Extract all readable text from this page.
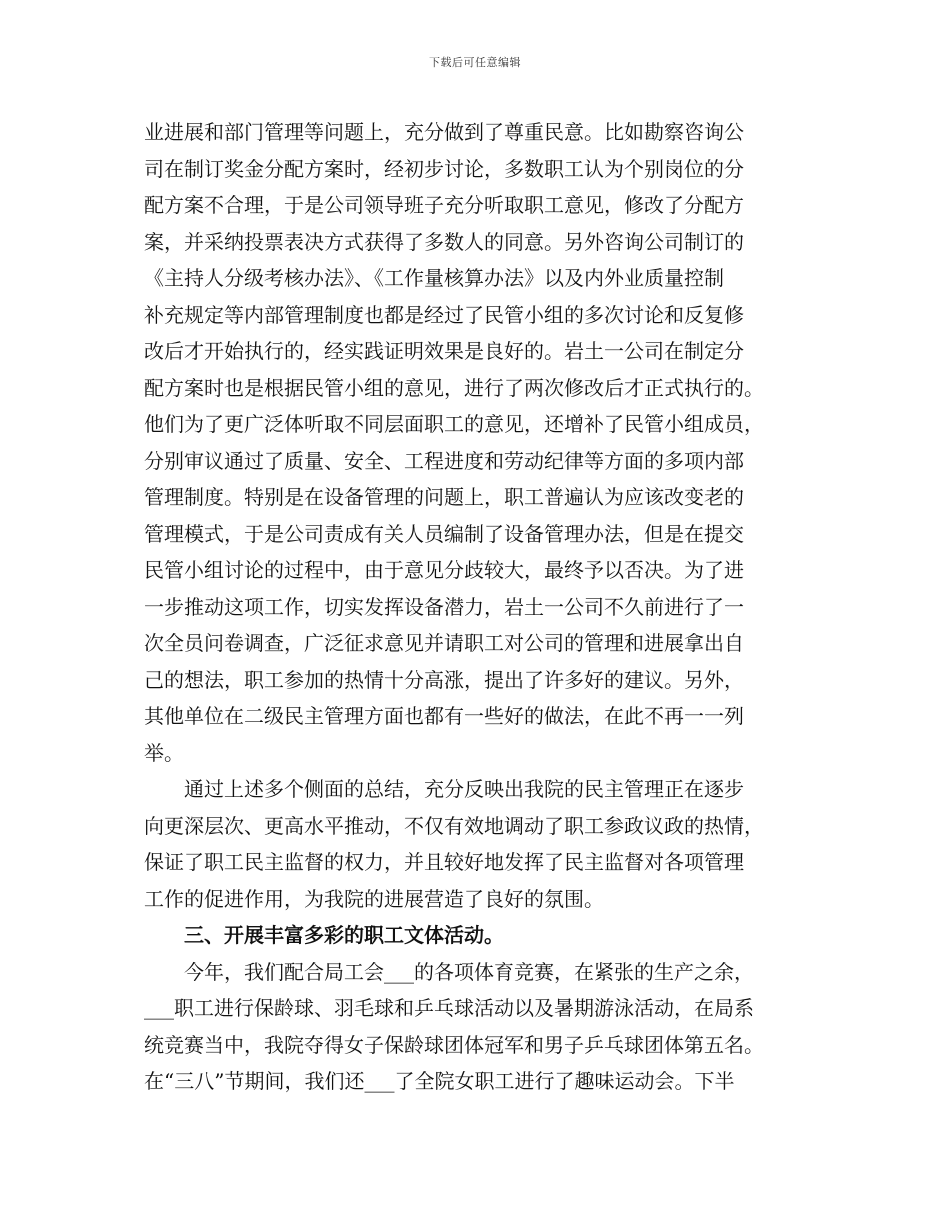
下载后可任意编辑
业进展和部门管理等问题上，充分做到了尊重民意。比如勘察咨询公
司在制订奖金分配方案时，经初步讨论，多数职工认为个别岗位的分
配方案不合理，于是公司领导班子充分听取职工意见，修改了分配方
案，并采纳投票表决方式获得了多数人的同意。另外咨询公司制订的
《主持人分级考核办法》、《工作量核算办法》以及内外业质量控制
补充规定等内部管理制度也都是经过了民管小组的多次讨论和反复修
改后才开始执行的，经实践证明效果是良好的。岩土一公司在制定分
配方案时也是根据民管小组的意见，进行了两次修改后才正式执行的。
他们为了更广泛体听取不同层面职工的意见，还增补了民管小组成员，
分别审议通过了质量、安全、工程进度和劳动纪律等方面的多项内部
管理制度。特别是在设备管理的问题上，职工普遍认为应该改变老的
管理模式，于是公司责成有关人员编制了设备管理办法，但是在提交
民管小组讨论的过程中，由于意见分歧较大，最终予以否决。为了进
一步推动这项工作，切实发挥设备潜力，岩土一公司不久前进行了一
次全员问卷调查，广泛征求意见并请职工对公司的管理和进展拿出自
己的想法，职工参加的热情十分高涨，提出了许多好的建议。另外，
其他单位在二级民主管理方面也都有一些好的做法，在此不再一一列
举。
　　通过上述多个侧面的总结，充分反映出我院的民主管理正在逐步
向更深层次、更高水平推动，不仅有效地调动了职工参政议政的热情，
保证了职工民主监督的权力，并且较好地发挥了民主监督对各项管理
工作的促进作用，为我院的进展营造了良好的氛围。
　　三、开展丰富多彩的职工文体活动。
　　今年，我们配合局工会___的各项体育竞赛，在紧张的生产之余，
___职工进行保龄球、羽毛球和乒乓球活动以及暑期游泳活动，在局系
统竞赛当中，我院夺得女子保龄球团体冠军和男子乒乓球团体第五名。
在“三八”节期间，我们还___了全院女职工进行了趣味运动会。下半
